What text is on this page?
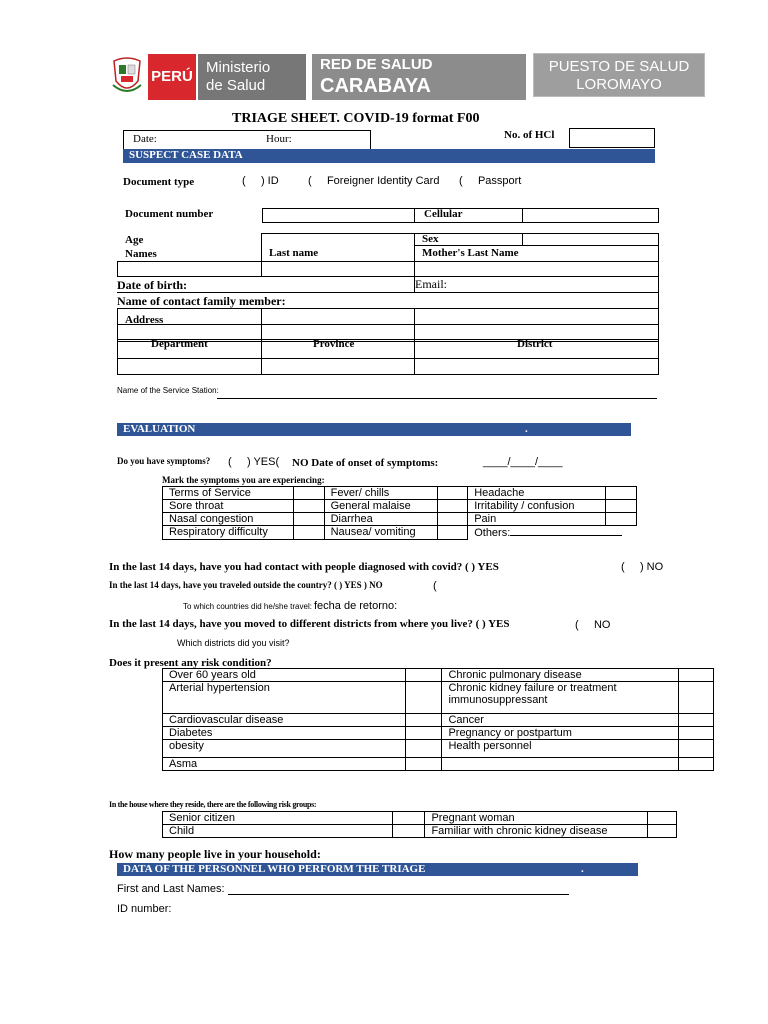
PERÚ
Ministerio
de Salud
RED DE SALUD
CARABAYA
PUESTO DE SALUD
LOROMAYO
TRIAGE SHEET. COVID-19 format F00
Date:	Hour:	No. of HCl
SUSPECT CASE DATA
Document type	(     ) ID	(     Foreigner Identity Card (     Passport
Document number	Cellular
Age	Sex
Names	Last name	Mother's Last Name
Date of birth:	Email:
Name of contact family member:
Address
Department	Province	District
Name of the Service Station:
EVALUATION	.
Do you have symptoms? (     ) YES( NO Date of onset of symptoms:	____/____/____
Mark the symptoms you are experiencing:
Terms of Service		Fever/ chills		Headache	
Sore throat		General malaise		Irritability / confusion	
Nasal congestion		Diarrhea		Pain	
Respiratory difficulty		Nausea/ vomiting		Others:	
In the last 14 days, have you had contact with people diagnosed with covid? ( ) YES	(     ) NO
In the last 14 days, have you traveled outside the country? ( ) YES ) NO	(
To which countries did he/she travel: fecha de retorno:
In the last 14 days, have you moved to different districts from where you live? ( ) YES	(     NO
Which districts did you visit?
Does it present any risk condition?
Over 60 years old		Chronic pulmonary disease	
Arterial hypertension		Chronic kidney failure or treatment immunosuppressant	
Cardiovascular disease		Cancer	
Diabetes		Pregnancy or postpartum	
obesity		Health personnel	
Asma			
In the house where they reside, there are the following risk groups:
Senior citizen		Pregnant woman	
Child		Familiar with chronic kidney disease	
How many people live in your household:
DATA OF THE PERSONNEL WHO PERFORM THE TRIAGE	.
First and Last Names:
ID number:
